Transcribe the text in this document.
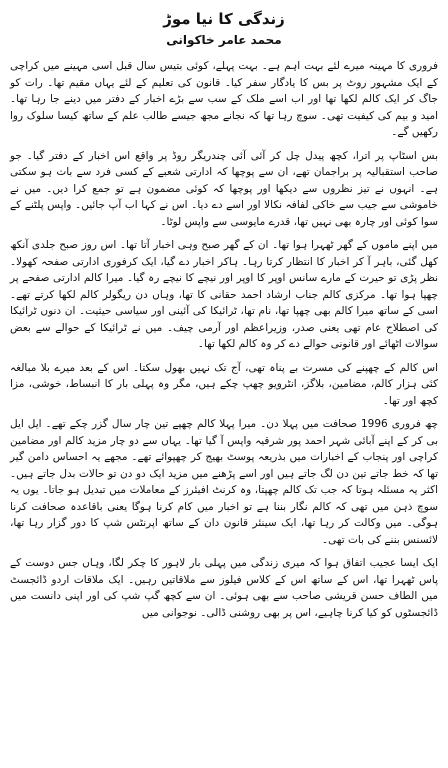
زندگی کا نیا موڑ
محمد عامر خاکوانی

فروری کا مہینہ میرے لئے بہت اہم ہے۔ بہت پہلے، کوئی بتیس سال قبل اسی مہینے میں کراچی کے ایک مشہور روٹ پر بس کا یادگار سفر کیا۔ قانون کی تعلیم کے لئے یہاں مقیم تھا۔ رات کو جاگ کر ایک کالم لکھا تھا اور اب اسے ملک کے سب سے بڑے اخبار کے دفتر میں دینے جا رہا تھا۔ امید و بیم کی کیفیت تھی۔ سوچ رہا تھا کہ نجانے مجھ جیسے طالب علم کے ساتھ کیسا سلوک روا رکھیں گے۔

بس اسٹاپ پر اترا، کچھ پیدل چل کر آئی آئی چندریگر روڈ پر واقع اس اخبار کے دفتر گیا۔ جو صاحب استقبالیہ پر براجمان تھے، ان سے پوچھا کہ ادارتی شعبے کے کسی فرد سے بات ہو سکتی ہے۔ انہوں نے تیز نظروں سے دیکھا اور پوچھا کہ کوئی مضمون ہے تو جمع کرا دیں۔ میں نے خاموشی سے جیب سے خاکی لفافہ نکالا اور اسے دے دیا۔ اس نے کہا اب آپ جائیں۔ واپس پلٹنے کے سوا کوئی اور چارہ بھی نہیں تھا، قدرے مایوسی سے واپس لوٹا۔

میں اپنے ماموں کے گھر ٹھہرا ہوا تھا۔ ان کے گھر صبح وہی اخبار آتا تھا۔ اس روز صبح جلدی آنکھ کھل گئی، باہر آ کر اخبار کا انتظار کرتا رہا۔ ہاکر اخبار دے گیا، ایک کرفوری ادارتی صفحہ کھولا۔ نظر پڑی تو حیرت کے مارے سانس اوپر کا اوپر اور نیچے کا نیچے رہ گیا۔ میرا کالم ادارتی صفحے پر چھپا ہوا تھا۔ مرکزی کالم جناب ارشاد احمد حقانی کا تھا، وہاں دن ریگولر کالم لکھا کرتے تھے۔ اسی کے ساتھ میرا کالم بھی چھپا تھا، نام تھا، ٹرائیکا کی آئینی اور سیاسی حیثیت۔ ان دنوں ٹرائیکا کی اصطلاح عام تھی یعنی صدر، وزیراعظم اور آرمی چیف۔ میں نے ٹرائیکا کے حوالے سے بعض سوالات اٹھائے اور قانونی حوالے دے کر وہ کالم لکھا تھا۔

اس کالم کے چھپنے کی مسرت بے پناہ تھی، آج تک نہیں بھول سکتا۔ اس کے بعد میرے بلا مبالغہ کئی ہزار کالم، مضامین، بلاگز، انٹرویو چھپ چکے ہیں، مگر وہ پہلی بار کا انبساط، خوشی، مزا کچھ اور تھا۔

چھ فروری 1996 صحافت میں پہلا دن۔ میرا پہلا کالم چھپے تین چار سال گزر چکے تھے۔ ایل ایل بی کر کے اپنے آبائی شہر احمد پور شرقیہ واپس آ گیا تھا۔ یہاں سے دو چار مزید کالم اور مضامین کراچی اور پنجاب کے اخبارات میں بذریعہ پوسٹ بھیج کر چھپوائے تھے۔ مجھے یہ احساس دامن گیر تھا کہ خط جاتے تین دن لگ جاتے ہیں اور اسے پڑھنے میں مزید ایک دو دن تو حالات بدل جاتے ہیں۔ اکثر یہ مسئلہ ہوتا کہ جب تک کالم چھپتا، وہ کرنٹ افیئرز کے معاملات میں تبدیل ہو جاتا۔ یوں یہ سوچ ذہن میں تھی کہ کالم نگار بننا ہے تو اخبار میں کام کرنا ہوگا یعنی باقاعدہ صحافت کرنا ہوگی۔ میں وکالت کر رہا تھا، ایک سینئر قانون دان کے ساتھ اپرنٹس شپ کا دور گزار رہا تھا، لائسنس بننے کی بات تھی۔

ایک ایسا عجیب اتفاق ہوا کہ میری زندگی میں پہلی بار لاہور کا چکر لگا، وہاں جس دوست کے پاس ٹھہرا تھا، اس کے ساتھ اس کے کلاس فیلوز سے ملاقاتیں رہیں۔ ایک ملاقات اردو ڈائجسٹ میں الطاف حسن قریشی صاحب سے بھی ہوئی۔ ان سے کچھ گپ شپ کی اور اپنی دانست میں ڈائجسٹوں کو کیا کرنا چاہیے، اس پر بھی روشنی ڈالی۔ نوجوانی میں
